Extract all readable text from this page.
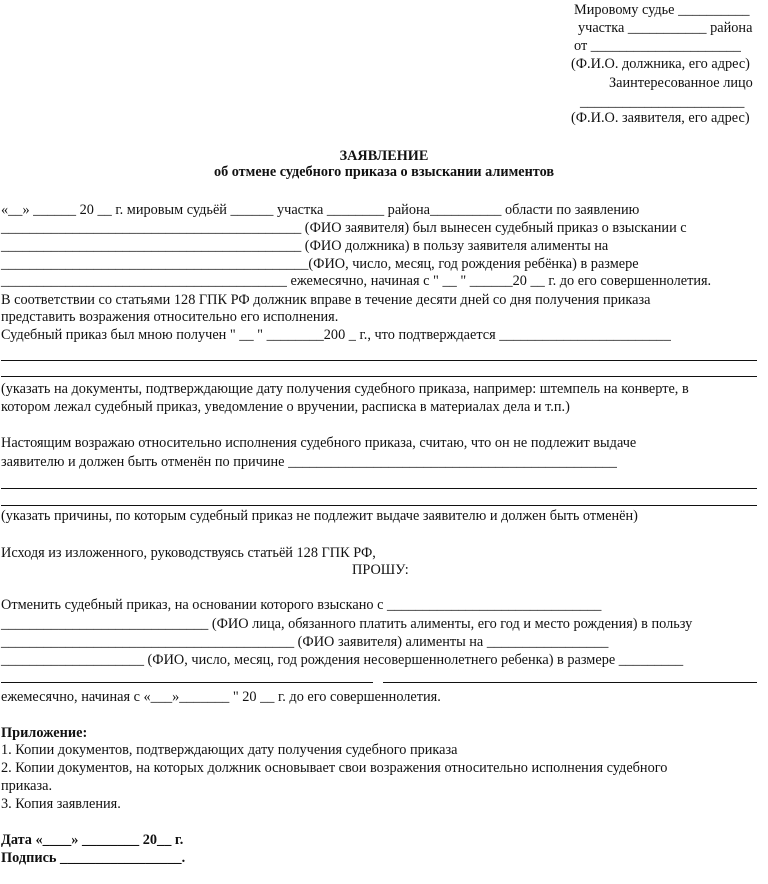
Мировому судье __________
участка ___________ района
от _____________________
(Ф.И.О. должника, его адрес)
Заинтересованное лицо
_______________________
(Ф.И.О. заявителя, его адрес)
ЗАЯВЛЕНИЕ
об отмене судебного приказа о взыскании алиментов
«__» ______ 20 __ г. мировым судьёй ______ участка ________ района__________ области по заявлению
__________________________________________ (ФИО заявителя) был вынесен судебный приказ о взыскании с
__________________________________________ (ФИО должника) в пользу заявителя алименты на
___________________________________________(ФИО, число, месяц, год рождения ребёнка) в размере
________________________________________ ежемесячно, начиная с " __ " ______20 __ г. до его совершеннолетия.
В соответствии со статьями 128 ГПК РФ должник вправе в течение десяти дней со дня получения приказа
представить возражения относительно его исполнения.
Судебный приказ был мною получен " __ " ________200 _ г., что подтверждается ________________________
(указать на документы, подтверждающие дату получения судебного приказа, например: штемпель на конверте, в
котором лежал судебный приказ, уведомление о вручении, расписка в материалах дела и т.п.)
Настоящим возражаю относительно исполнения судебного приказа, считаю, что он не подлежит выдаче
заявителю и должен быть отменён по причине ______________________________________________
(указать причины, по которым судебный приказ не подлежит выдаче заявителю и должен быть отменён)
Исходя из изложенного, руководствуясь статьёй 128 ГПК РФ,
ПРОШУ:
Отменить судебный приказ, на основании которого взыскано с ______________________________
_____________________________ (ФИО лица, обязанного платить алименты, его год и место рождения) в пользу
_________________________________________ (ФИО заявителя) алименты на _________________
____________________ (ФИО, число, месяц, год рождения несовершеннолетнего ребенка) в размере _________
ежемесячно, начиная с «___»_______ " 20 __ г. до его совершеннолетия.
Приложение:
1. Копии документов, подтверждающих дату получения судебного приказа
2. Копии документов, на которых должник основывает свои возражения относительно исполнения судебного
приказа.
3. Копия заявления.
Дата «____» ________ 20__ г.
Подпись _________________.
